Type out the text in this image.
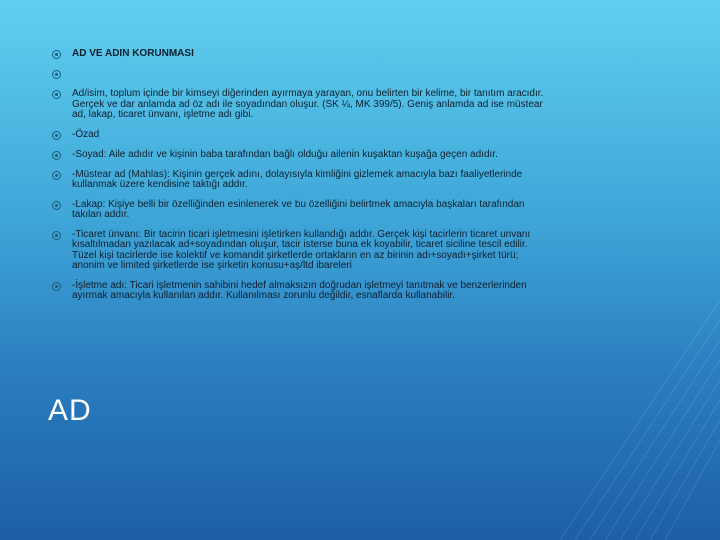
AD VE ADIN KORUNMASI
Ad/isim, toplum içinde bir kimseyi diğerinden ayırmaya yarayan, onu belirten bir kelime, bir tanıtım aracıdır. Gerçek ve dar anlamda ad öz adı ile soyadından oluşur. (SK ¼, MK 399/5). Geniş anlamda ad ise müstear ad, lakap, ticaret ünvanı, işletme adı gibi.
-Özad
-Soyad: Aile adıdır ve kişinin baba tarafından bağlı olduğu ailenin kuşaktan kuşağa geçen adıdır.
-Müstear ad (Mahlas): Kişinin gerçek adını, dolayısıyla kimliğini gizlemek amacıyla bazı faaliyetlerinde kullanmak üzere kendisine taktığı addır.
-Lakap: Kişiye belli bir özelliğinden esinlenerek ve bu özelliğini belirtmek amacıyla başkaları tarafından takılan addır.
-Ticaret ünvanı: Bir tacirin ticari işletmesini işletirken kullandığı addır. Gerçek kişi tacirlerin ticaret unvanı kısaltılmadan yazılacak ad+soyadından oluşur, tacir isterse buna ek koyabilir, ticaret siciline tescil edilir. Tüzel kişi tacirlerde ise kolektif ve komandit şirketlerde ortakların en az birinin adı+soyadı+şirket türü; anonim ve limited şirketlerde ise şirketin konusu+aş/ltd ibareleri
-İşletme adı: Ticari işletmenin sahibini hedef almaksızın doğrudan işletmeyi tanıtmak ve benzerlerinden ayırmak amacıyla kullanılan addır. Kullanılması zorunlu değildir, esnaflarda kullanabilir.
AD
